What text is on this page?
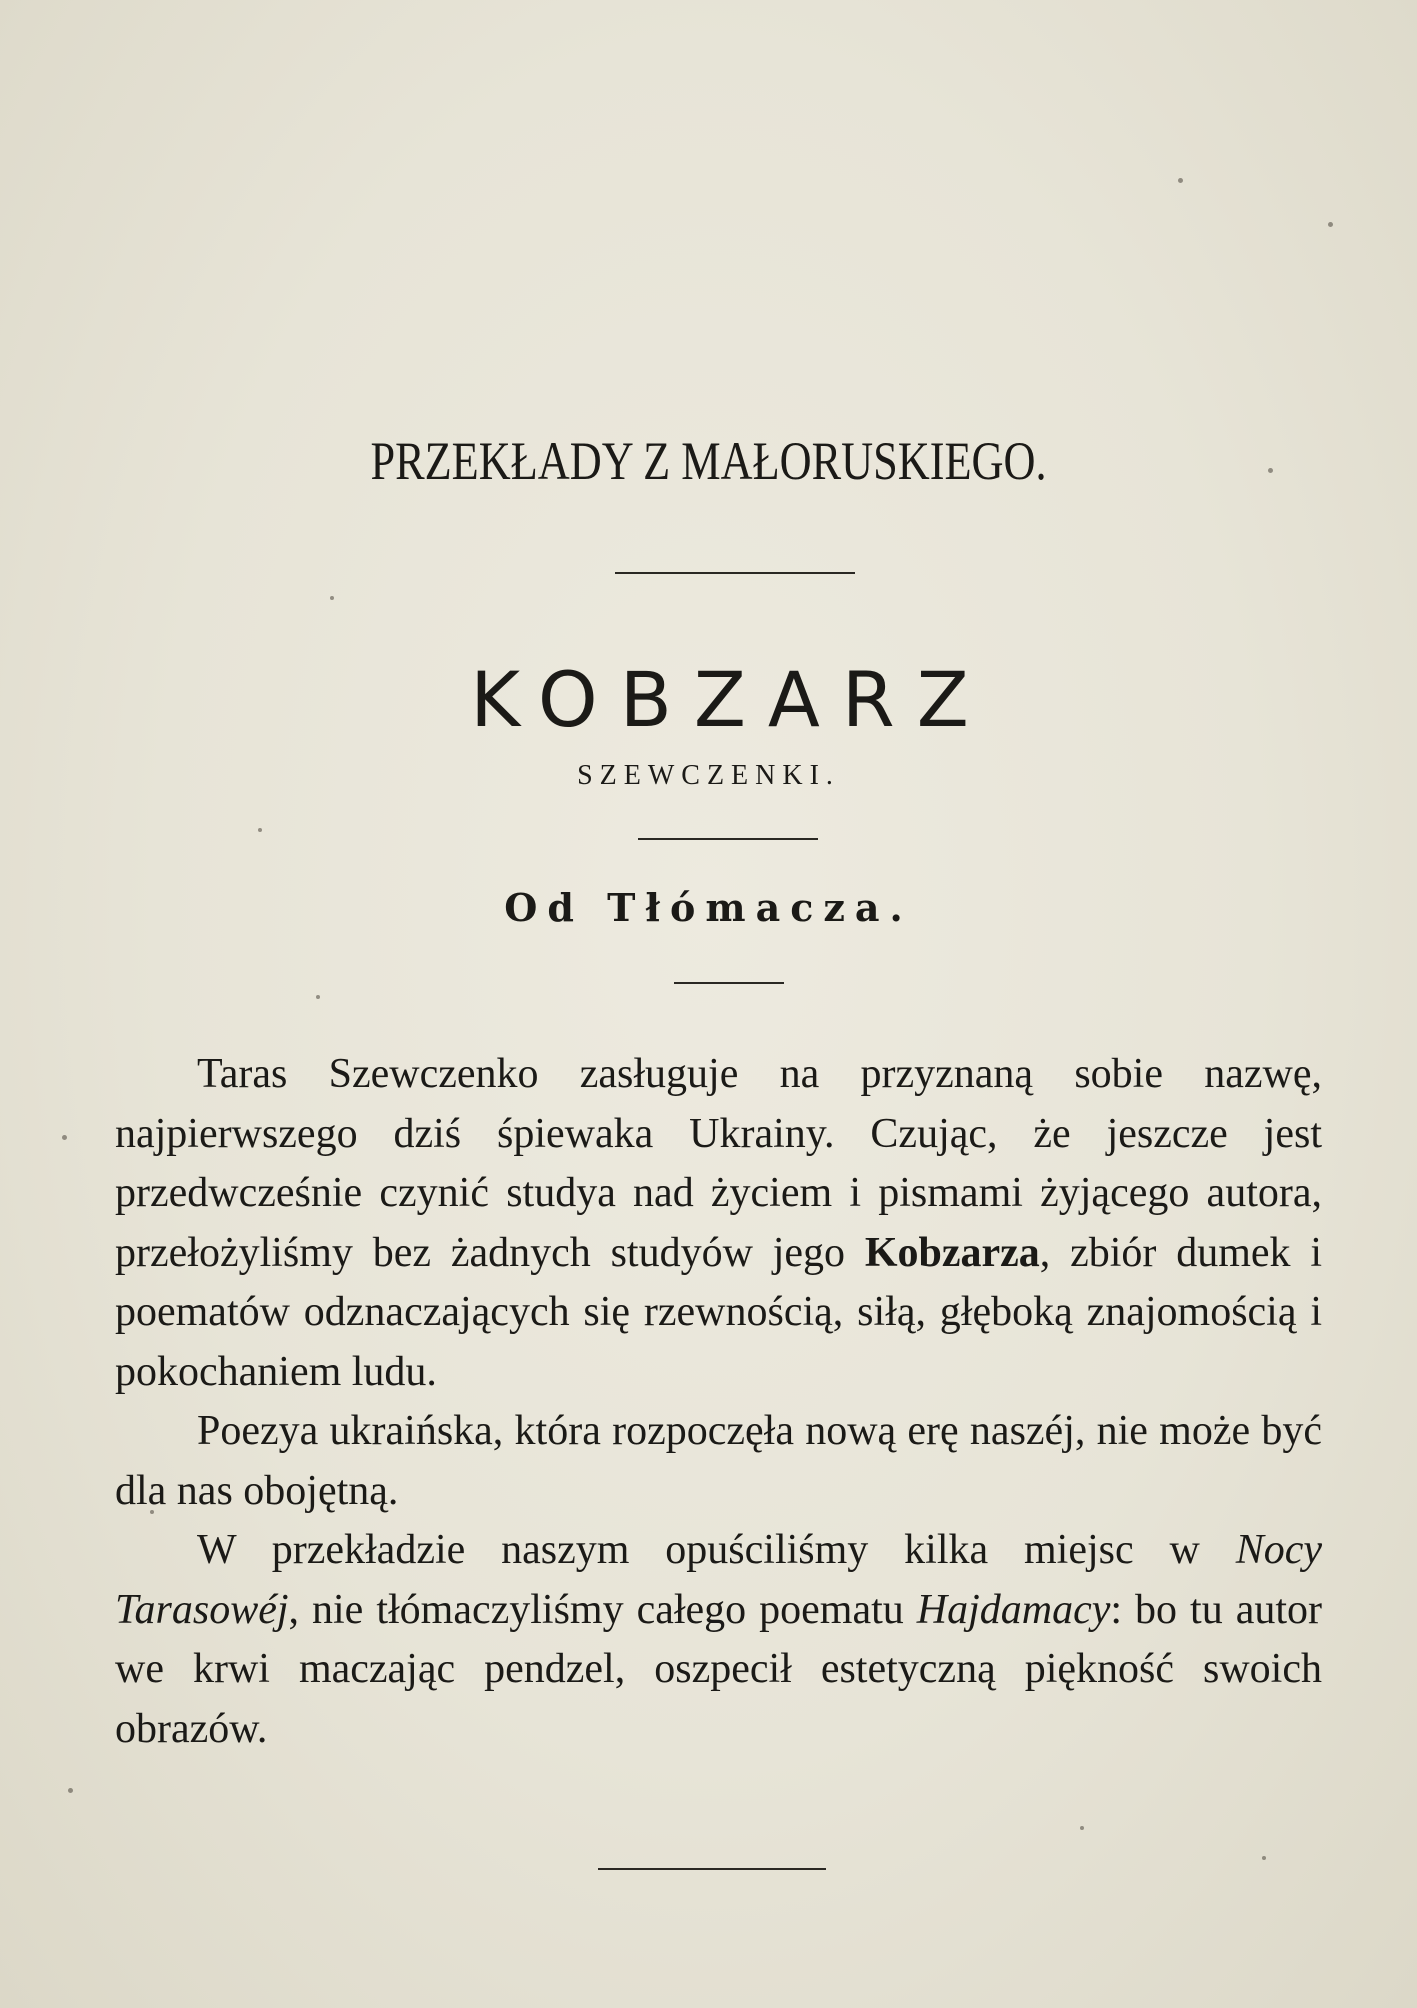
PRZEKŁADY Z MAŁORUSKIEGO.
KOBZARZ
SZEWCZENKI.
Od Tłómacza.

Taras Szewczenko zasługuje na przyznaną sobie nazwę, najpierwszego dziś śpiewaka Ukrainy. Czując, że jeszcze jest przedwcześnie czynić studya nad życiem i pismami żyjącego autora, przełożyliśmy bez żadnych studyów jego Kobzarza, zbiór dumek i poematów odznaczających się rzewnością, siłą, głęboką znajomością i pokochaniem ludu.

Poezya ukraińska, która rozpoczęła nową erę naszéj, nie może być dla nas obojętną.

W przekładzie naszym opuściliśmy kilka miejsc w Nocy Tarasowéj, nie tłómaczyliśmy całego poematu Hajdamacy: bo tu autor we krwi maczając pendzel, oszpecił estetyczną piękność swoich obrazów.
